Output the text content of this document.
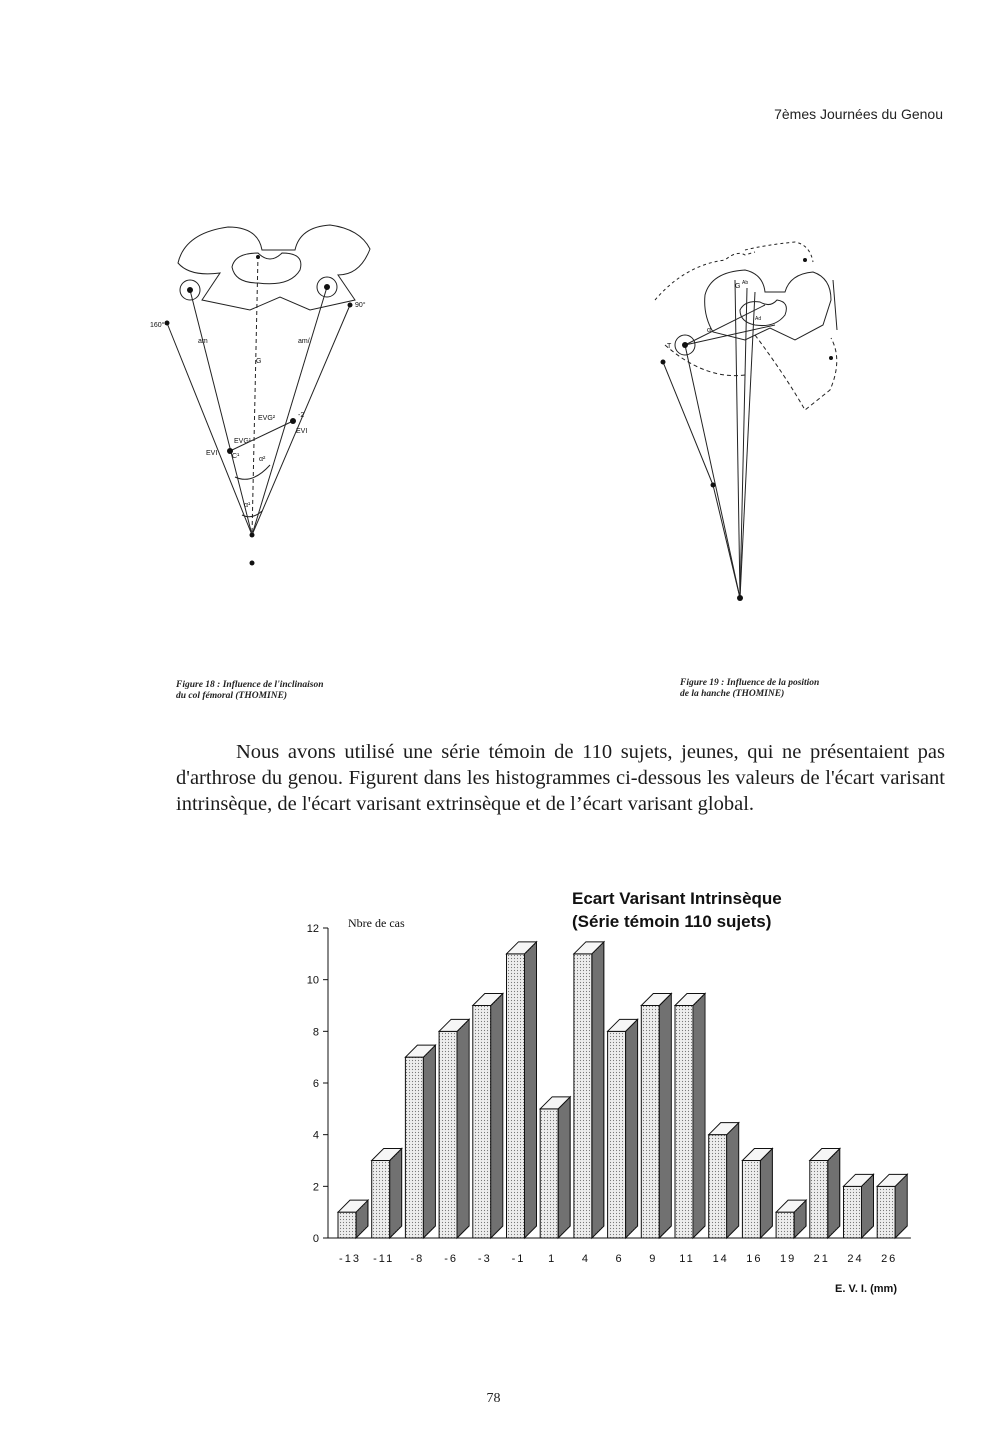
7èmes Journées du Genou
160°
90°
am	am/
G
EVG²
EVG¹
EVI
EVI
C¹	α²
α¹
-2
Figure 18 : Influence de l'inclinaison
du col fémoral (THOMINE)
T
G Ab
α
Ad
Figure 19 : Influence de la position
de la hanche (THOMINE)

Nous avons utilisé une série témoin de 110 sujets, jeunes, qui ne présentaient pas d'arthrose du genou. Figurent dans les histogrammes ci-dessous les valeurs de l'écart varisant intrinsèque, de l'écart varisant extrinsèque et de l’écart varisant global.

Ecart Varisant Intrinsèque
(Série témoin 110 sujets)
Nbre de cas
E. V. I. (mm)
0
2
4
6
8
10
12
-13 -11 -8 -6 -3 -1 1 4 6 9 11 14 16 19 21 24 26
78
